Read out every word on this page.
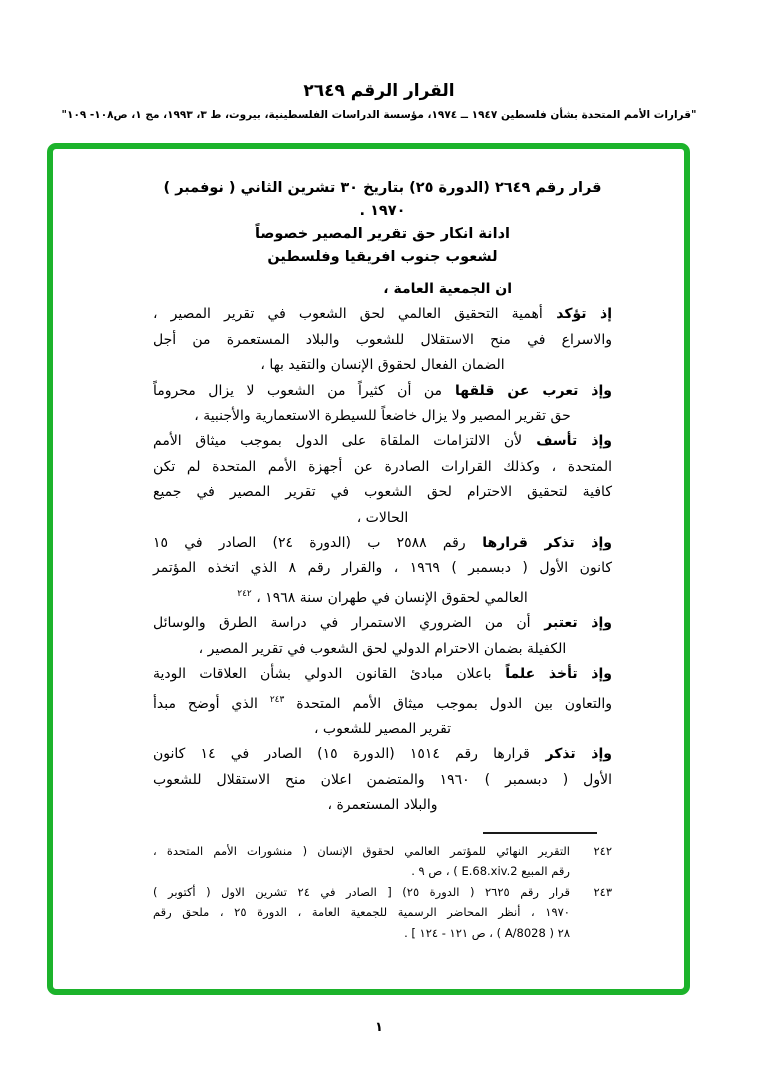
القرار الرقم ٢٦٤٩
"قرارات الأمم المتحدة بشأن فلسطين ١٩٤٧ ــ ١٩٧٤، مؤسسة الدراسات الفلسطينية، بيروت، ط ٣، ١٩٩٣، مج ١، ص١٠٨- ١٠٩"
قرار رقم ٢٦٤٩ (الدورة ٢٥) بتاريخ ٣٠ تشرين الثاني ( نوفمبر )
١٩٧٠ .
ادانة انكار حق تقرير المصير خصوصاً
لشعوب جنوب افريقيا وفلسطين
ان الجمعية العامة ،
إذ تؤكد أهمية التحقيق العالمي لحق الشعوب في تقرير المصير ،
والاسراع في منح الاستقلال للشعوب والبلاد المستعمرة من أجل
الضمان الفعال لحقوق الإنسان والتقيد بها ،
وإذ تعرب عن قلقها من أن كثيراً من الشعوب لا يزال محروماً
حق تقرير المصير ولا يزال خاضعاً للسيطرة الاستعمارية والأجنبية ،
وإذ تأسف لأن الالتزامات الملقاة على الدول بموجب ميثاق الأمم
المتحدة ، وكذلك القرارات الصادرة عن أجهزة الأمم المتحدة لم تكن
كافية لتحقيق الاحترام لحق الشعوب في تقرير المصير في جميع
الحالات ،
وإذ تذكر قرارها رقم ٢٥٨٨ ب (الدورة ٢٤) الصادر في ١٥
كانون الأول ( دبسمبر ) ١٩٦٩ ، والقرار رقم ٨ الذي اتخذه المؤتمر
العالمي لحقوق الإنسان في طهران سنة ١٩٦٨ ، $^{٢٤٢}$
وإذ تعتبر أن من الضروري الاستمرار في دراسة الطرق والوسائل
الكفيلة بضمان الاحترام الدولي لحق الشعوب في تقرير المصير ،
وإذ تأخذ علماً باعلان مبادئ القانون الدولي بشأن العلاقات الودية
والتعاون بين الدول بموجب ميثاق الأمم المتحدة $^{٢٤٣}$ الذي أوضح مبدأ
تقرير المصير للشعوب ،
وإذ تذكر قرارها رقم ١٥١٤ (الدورة ١٥) الصادر في ١٤ كانون
الأول ( دبسمبر ) ١٩٦٠ والمتضمن اعلان منح الاستقلال للشعوب
والبلاد المستعمرة ،
٢٤٢
التقرير النهائي للمؤتمر العالمي لحقوق الإنسان ( منشورات الأمم المتحدة ،
رقم المبيع E.68.xiv.2 ) ، ص ٩ .
٢٤٣
قرار رقم ٢٦٢٥ ( الدورة ٢٥) [ الصادر في ٢٤ تشرين الاول ( أكتوبر )
١٩٧٠ ، أنظر المحاضر الرسمية للجمعية العامة ، الدورة ٢٥ ، ملحق رقم
٢٨ ( A/8028 ) ، ص ١٢١ - ١٢٤ ] .
١
